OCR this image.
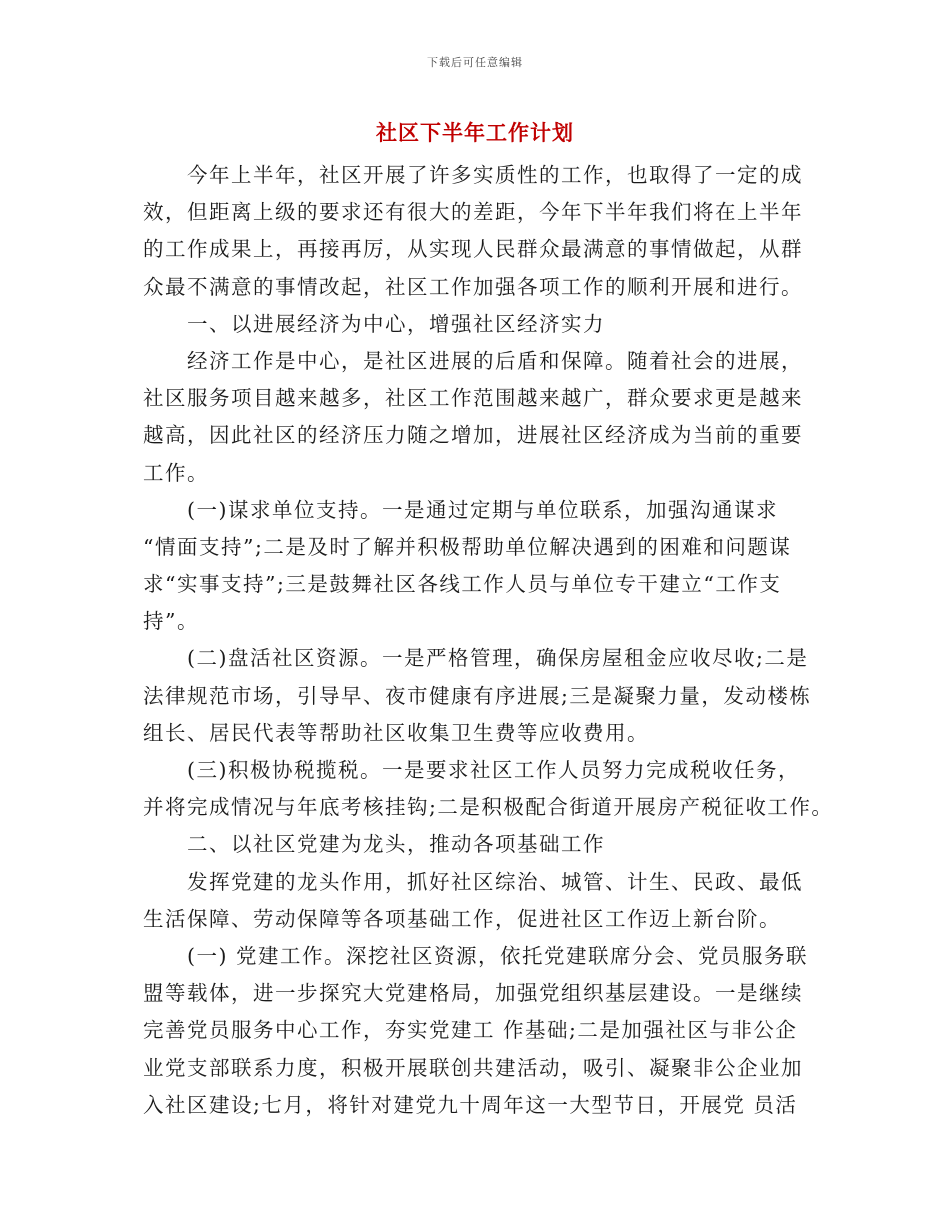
下载后可任意编辑
社区下半年工作计划
今年上半年，社区开展了许多实质性的工作，也取得了一定的成
效，但距离上级的要求还有很大的差距，今年下半年我们将在上半年
的工作成果上，再接再厉，从实现人民群众最满意的事情做起，从群
众最不满意的事情改起，社区工作加强各项工作的顺利开展和进行。
一、以进展经济为中心，增强社区经济实力
经济工作是中心，是社区进展的后盾和保障。随着社会的进展，
社区服务项目越来越多，社区工作范围越来越广，群众要求更是越来
越高，因此社区的经济压力随之增加，进展社区经济成为当前的重要
工作。
(一)谋求单位支持。一是通过定期与单位联系，加强沟通谋求
“情面支持”;二是及时了解并积极帮助单位解决遇到的困难和问题谋
求“实事支持”;三是鼓舞社区各线工作人员与单位专干建立“工作支
持”。
(二)盘活社区资源。一是严格管理，确保房屋租金应收尽收;二是
法律规范市场，引导早、夜市健康有序进展;三是凝聚力量，发动楼栋
组长、居民代表等帮助社区收集卫生费等应收费用。
(三)积极协税揽税。一是要求社区工作人员努力完成税收任务，
并将完成情况与年底考核挂钩;二是积极配合街道开展房产税征收工作。
二、以社区党建为龙头，推动各项基础工作
发挥党建的龙头作用，抓好社区综治、城管、计生、民政、最低
生活保障、劳动保障等各项基础工作，促进社区工作迈上新台阶。
(一) 党建工作。深挖社区资源，依托党建联席分会、党员服务联
盟等载体，进一步探究大党建格局，加强党组织基层建设。一是继续
完善党员服务中心工作，夯实党建工 作基础;二是加强社区与非公企
业党支部联系力度，积极开展联创共建活动，吸引、凝聚非公企业加
入社区建设;七月，将针对建党九十周年这一大型节日，开展党 员活
